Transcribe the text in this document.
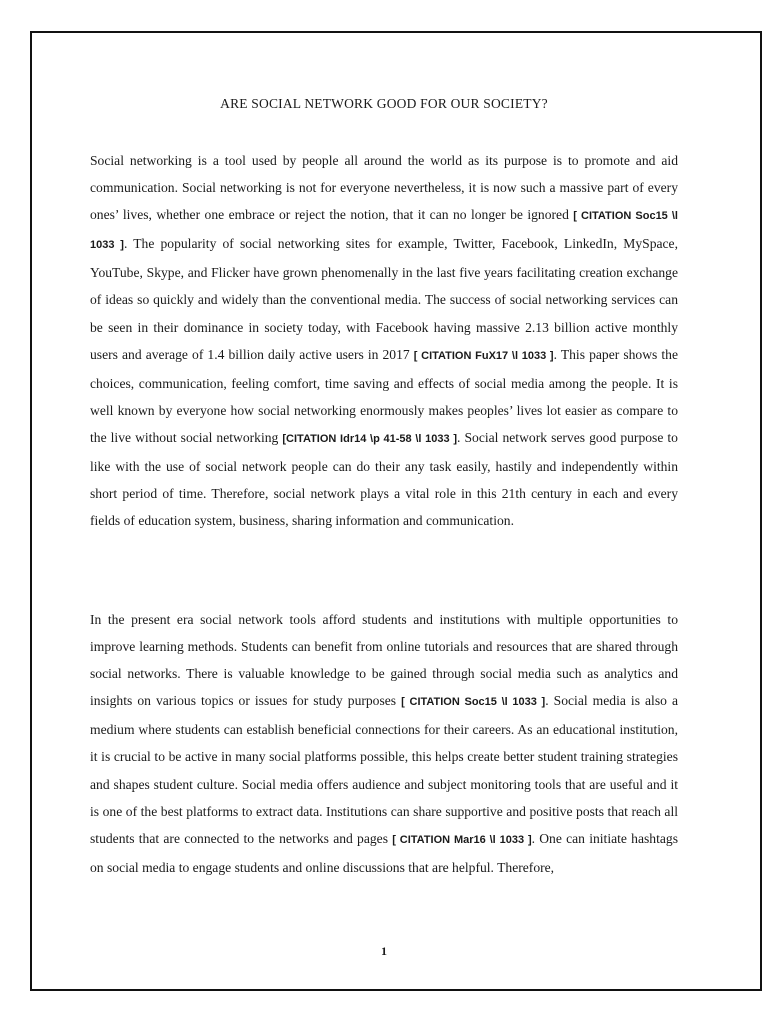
ARE SOCIAL NETWORK GOOD FOR OUR SOCIETY?

Social networking is a tool used by people all around the world as its purpose is to promote and aid communication. Social networking is not for everyone nevertheless, it is now such a massive part of every ones’ lives, whether one embrace or reject the notion, that it can no longer be ignored [ CITATION Soc15 \l 1033 ]. The popularity of social networking sites for example, Twitter, Facebook, LinkedIn, MySpace, YouTube, Skype, and Flicker have grown phenomenally in the last five years facilitating creation exchange of ideas so quickly and widely than the conventional media. The success of social networking services can be seen in their dominance in society today, with Facebook having massive 2.13 billion active monthly users and average of 1.4 billion daily active users in 2017 [ CITATION FuX17 \l 1033 ]. This paper shows the choices, communication, feeling comfort, time saving and effects of social media among the people. It is well known by everyone how social networking enormously makes peoples’ lives lot easier as compare to the live without social networking [CITATION Idr14 \p 41-58 \l 1033 ]. Social network serves good purpose to like with the use of social network people can do their any task easily, hastily and independently within short period of time. Therefore, social network plays a vital role in this 21th century in each and every fields of education system, business, sharing information and communication.

In the present era social network tools afford students and institutions with multiple opportunities to improve learning methods. Students can benefit from online tutorials and resources that are shared through social networks. There is valuable knowledge to be gained through social media such as analytics and insights on various topics or issues for study purposes [ CITATION Soc15 \l 1033 ]. Social media is also a medium where students can establish beneficial connections for their careers. As an educational institution, it is crucial to be active in many social platforms possible, this helps create better student training strategies and shapes student culture. Social media offers audience and subject monitoring tools that are useful and it is one of the best platforms to extract data. Institutions can share supportive and positive posts that reach all students that are connected to the networks and pages [ CITATION Mar16 \l 1033 ]. One can initiate hashtags on social media to engage students and online discussions that are helpful. Therefore,

1
